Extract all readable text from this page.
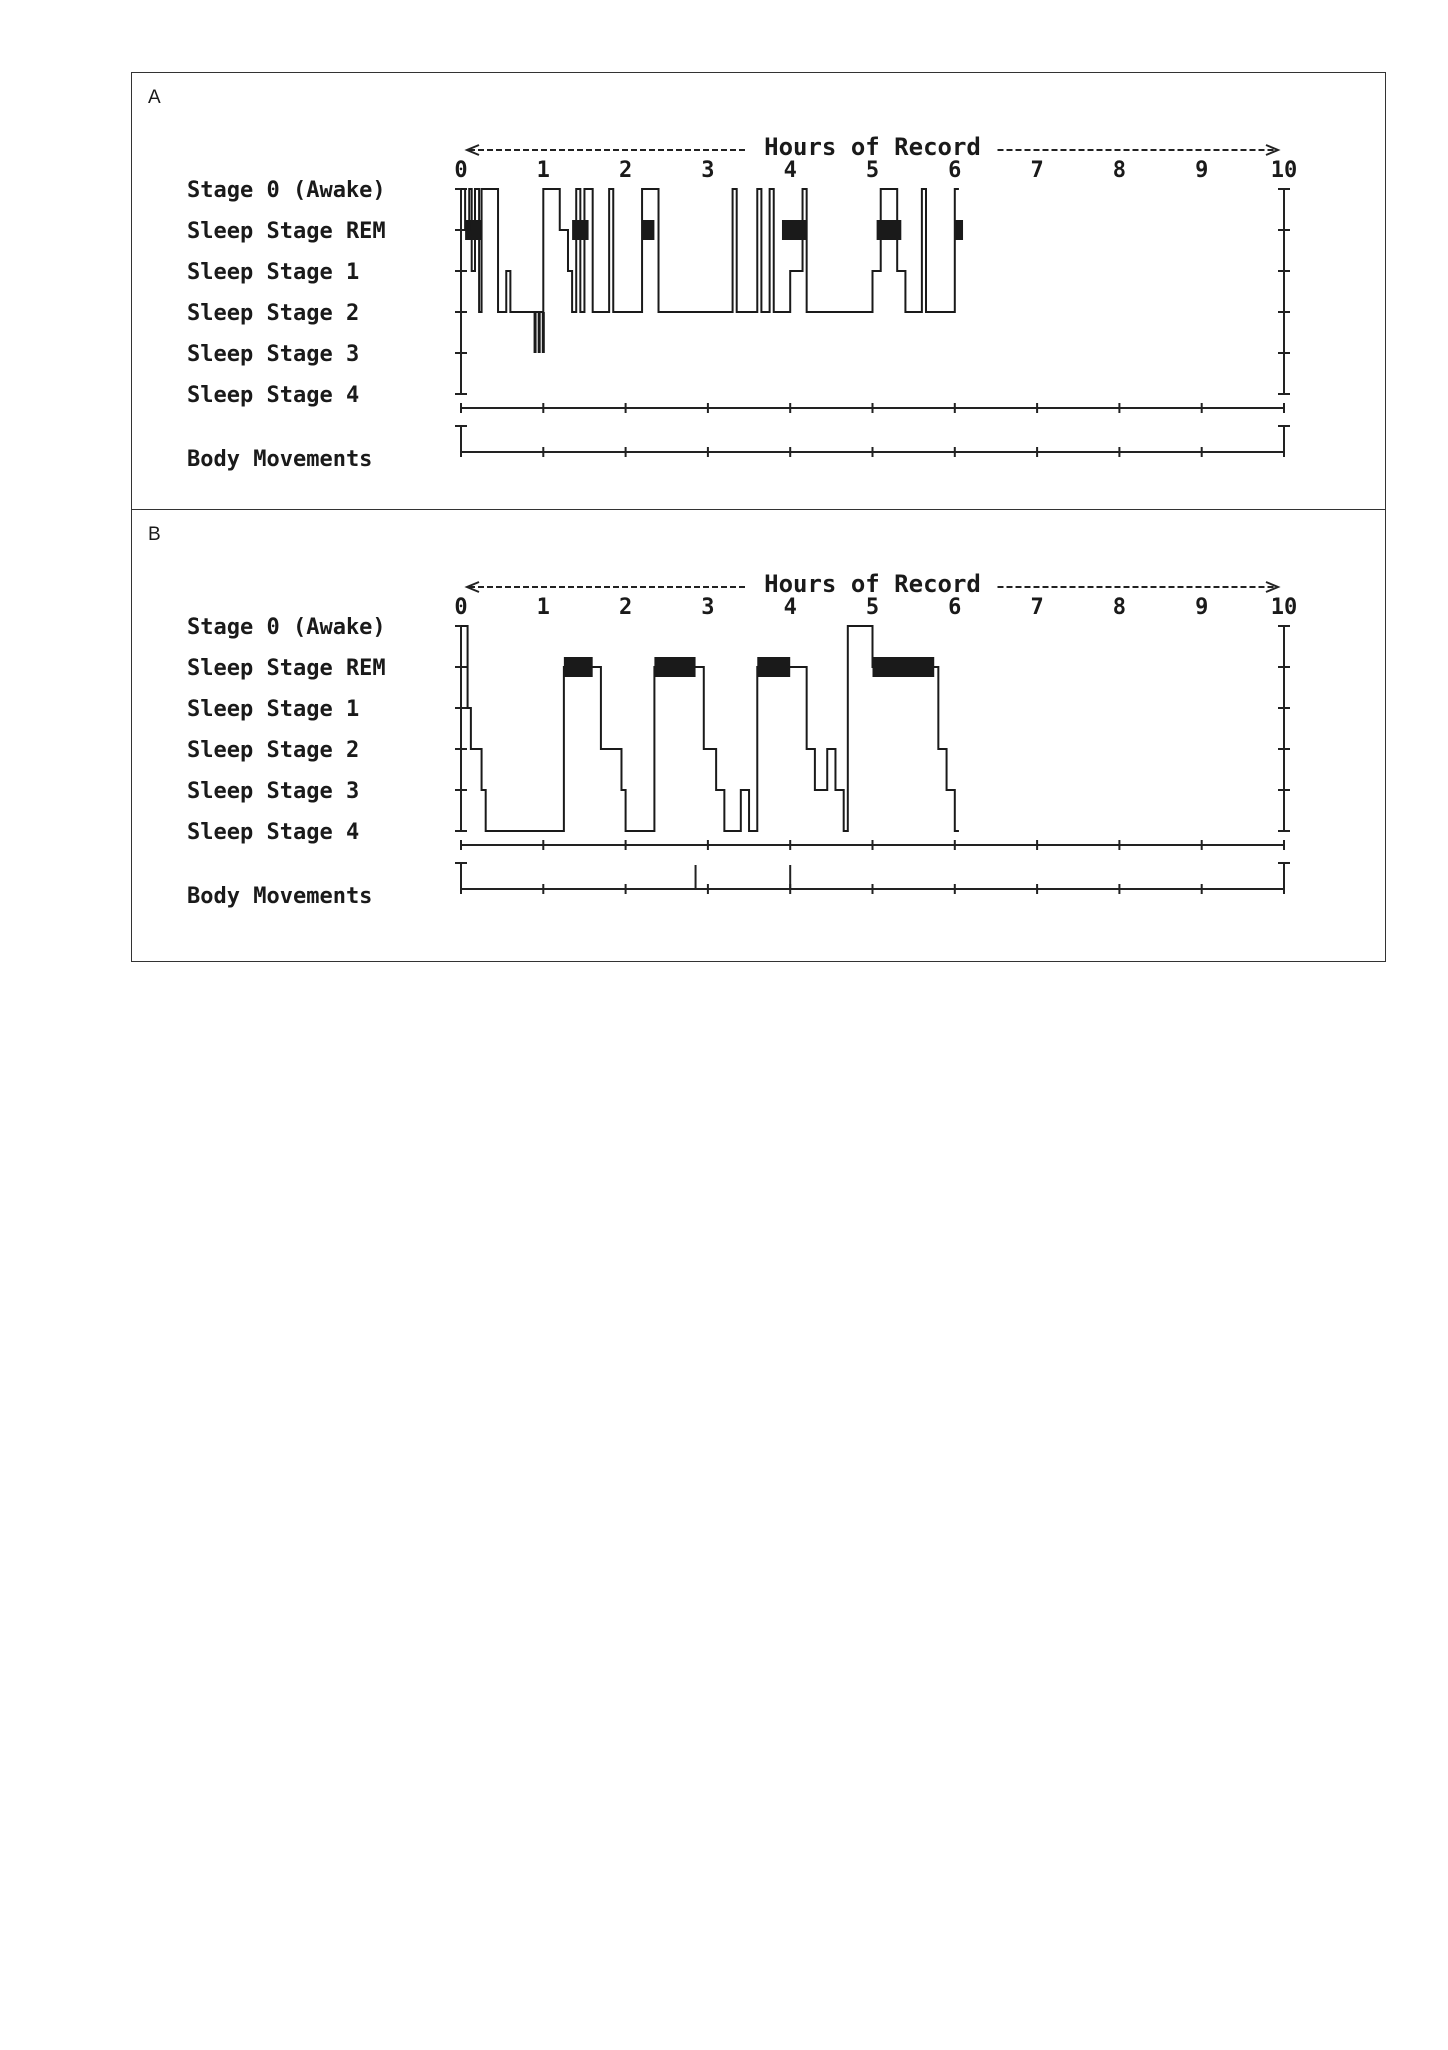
A
Hours of Record
0	1	2	3	4	5	6	7	8	9	10
Stage 0 (Awake)
Sleep Stage REM
Sleep Stage 1
Sleep Stage 2
Sleep Stage 3
Sleep Stage 4
Body Movements
B
Hours of Record
0	1	2	3	4	5	6	7	8	9	10
Stage 0 (Awake)
Sleep Stage REM
Sleep Stage 1
Sleep Stage 2
Sleep Stage 3
Sleep Stage 4
Body Movements
